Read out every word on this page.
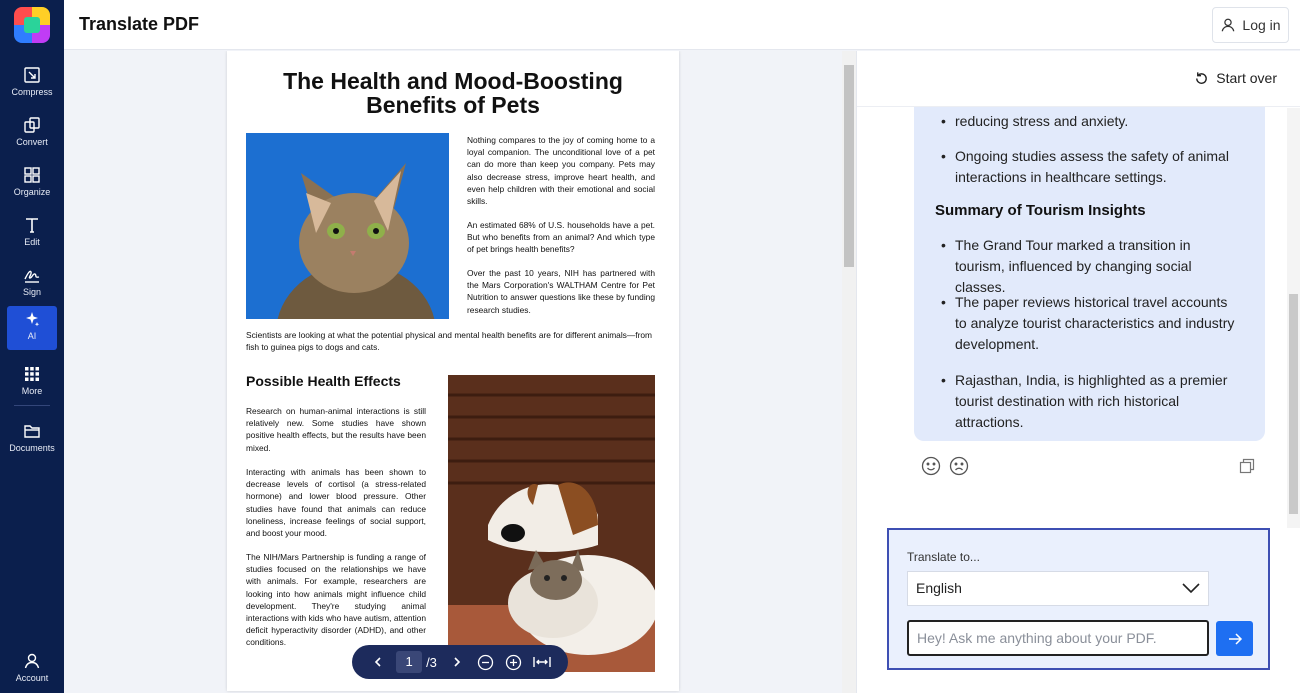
Compress
Convert
Organize
Edit
Sign
AI
More
Documents
Account
Translate PDF	Log in
The Health and Mood-Boosting Benefits of Pets
Nothing compares to the joy of coming home to a loyal companion. The unconditional love of a pet can do more than keep you company. Pets may also decrease stress, improve heart health, and even help children with their emotional and social skills.
An estimated 68% of U.S. households have a pet. But who benefits from an animal? And which type of pet brings health benefits?
Over the past 10 years, NIH has partnered with the Mars Corporation's WALTHAM Centre for Pet Nutrition to answer questions like these by funding research studies.
Scientists are looking at what the potential physical and mental health benefits are for different animals—from fish to guinea pigs to dogs and cats.
Possible Health Effects
Research on human-animal interactions is still relatively new. Some studies have shown positive health effects, but the results have been mixed.
Interacting with animals has been shown to decrease levels of cortisol (a stress-related hormone) and lower blood pressure. Other studies have found that animals can reduce loneliness, increase feelings of social support, and boost your mood.
The NIH/Mars Partnership is funding a range of studies focused on the relationships we have with animals. For example, researchers are looking into how animals might influence child development. They're studying animal interactions with kids who have autism, attention deficit hyperactivity disorder (ADHD), and other conditions.
1	/3
Start over
• reducing stress and anxiety.
• Ongoing studies assess the safety of animal interactions in healthcare settings.
Summary of Tourism Insights
• The Grand Tour marked a transition in tourism, influenced by changing social classes.
• The paper reviews historical travel accounts to analyze tourist characteristics and industry development.
• Rajasthan, India, is highlighted as a premier tourist destination with rich historical attractions.
Translate to...
English
Hey! Ask me anything about your PDF.
